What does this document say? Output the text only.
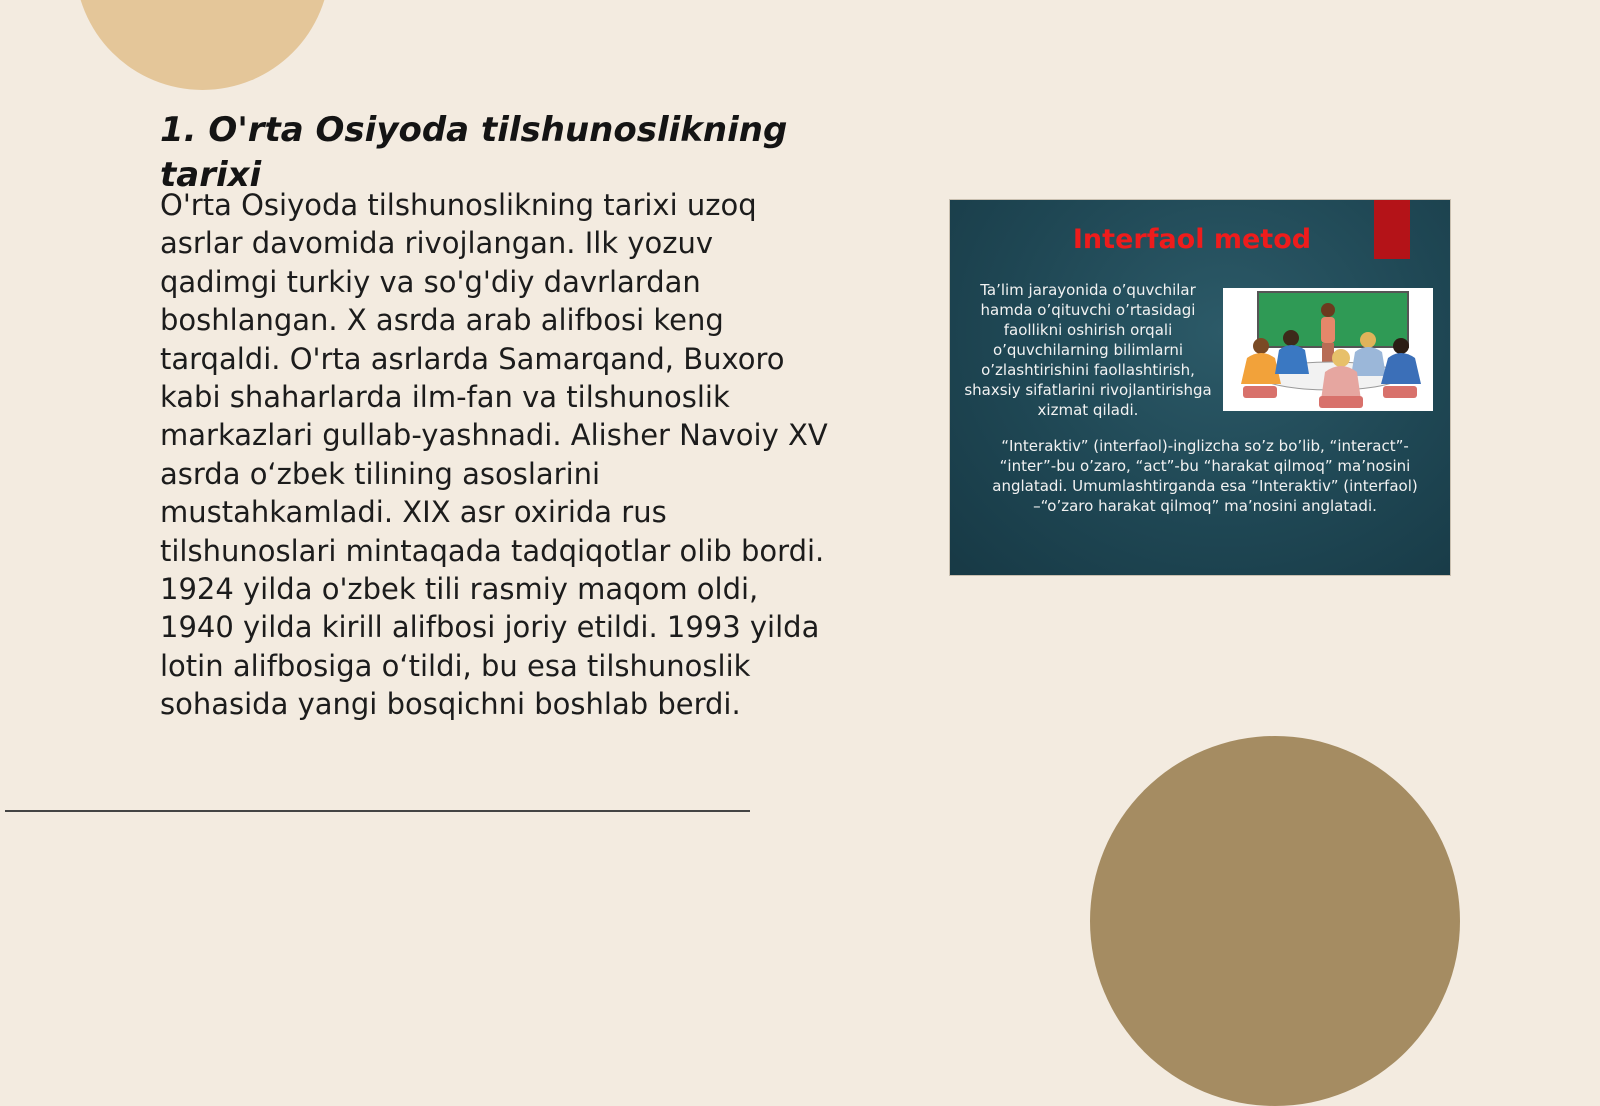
1. O'rta Osiyoda tilshunoslikning tarixi

O'rta Osiyoda tilshunoslikning tarixi uzoq asrlar davomida rivojlangan. Ilk yozuv qadimgi turkiy va so'g'diy davrlardan boshlangan. X asrda arab alifbosi keng tarqaldi. O'rta asrlarda Samarqand, Buxoro kabi shaharlarda ilm-fan va tilshunoslik markazlari gullab-yashnadi. Alisher Navoiy XV asrda o‘zbek tilining asoslarini mustahkamladi. XIX asr oxirida rus tilshunoslari mintaqada tadqiqotlar olib bordi. 1924 yilda o'zbek tili rasmiy maqom oldi, 1940 yilda kirill alifbosi joriy etildi. 1993 yilda lotin alifbosiga o‘tildi, bu esa tilshunoslik sohasida yangi bosqichni boshlab berdi.

Interfaol metod
Ta’lim jarayonida o’quvchilar hamda o’qituvchi o’rtasidagi faollikni oshirish orqali o’quvchilarning bilimlarni o’zlashtirishini faollashtirish, shaxsiy sifatlarini rivojlantirishga xizmat qiladi.
“Interaktiv” (interfaol)-inglizcha so’z bo’lib, “interact”- “inter”-bu o’zaro, “act”-bu “harakat qilmoq” ma’nosini anglatadi. Umumlashtirganda esa “Interaktiv” (interfaol) –“o’zaro harakat qilmoq” ma’nosini anglatadi.
